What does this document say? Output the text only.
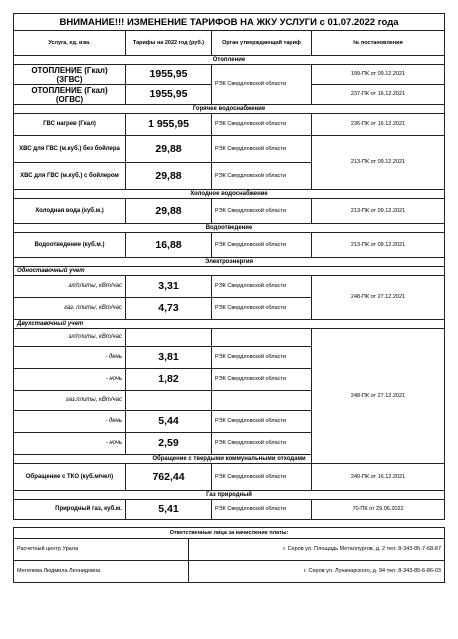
ВНИМАНИЕ!!! ИЗМЕНЕНИЕ ТАРИФОВ НА ЖКУ УСЛУГИ с 01.07.2022 года			
Услуга, ед. изм.	Тарифы на 2022 год (руб.)	Орган утверждающий тариф	№ постановления
Отопление			
ОТОПЛЕНИЕ (Гкал)
(ЗГВС)	1955,95	РЭК Свердловской области	199-ПК от 09.12.2021
ОТОПЛЕНИЕ (Гкал)
(ОГВС)	1955,95		237-ПК от 16.12.2021
Горячее водоснабжение			
ГВС нагрев (Гкал)	1 955,95	РЭК Свердловской области	236-ПК от 16.12.2021
ХВС для ГВС (м.куб.) без бойлера	29,88	РЭК Свердловской области	213-ПК от 09.12.2021
ХВС для ГВС (м.куб.) с бойлером	29,88	РЭК Свердловской области	
Холодное водоснабжение			
Холодная вода (куб.м.)	29,88	РЭК Свердловской области	213-ПК от 09.12.2021
Водоотведение			
Водоотведение (куб.м.)	16,88	РЭК Свердловской области	213-ПК от 09.12.2021
Электроэнергия			
Одноставочный учет			
эл/плиты, кВт/час	3,31	РЭК Свердловской области	248-ПК от 27.12.2021
газ. плиты, кВт/час	4,73	РЭК Свердловской области	
Двухставочный учет			
эл/плиты, кВт/час			248-ПК от 27.12.2021
- день	3,81	РЭК Свердловской области	
- ночь	1,82	РЭК Свердловской области	
газ.плиты, кВт/час			
- день	5,44	РЭК Свердловской области	
- ночь	2,59	РЭК Свердловской области	
Обращение с твердыми коммунальными отходами			
Обращение с ТКО (куб.м/чел)	762,44	РЭК Свердловской области	240-ПК от 16.12.2021
Газ природный			
Природный газ, куб.м.	5,41	РЭК Свердловской области	70-ПК от 29.06.2022
Ответственные лица за начисление платы:	
Расчетный центр Урала	г. Серов ул. Площадь Металлургов, д. 2 тел: 8-343-85-7-68-87
Метелева Людмила Леонидовна	г. Серов ул. Луначарского, д. 94 тел: 8-343-85-6-86-03
